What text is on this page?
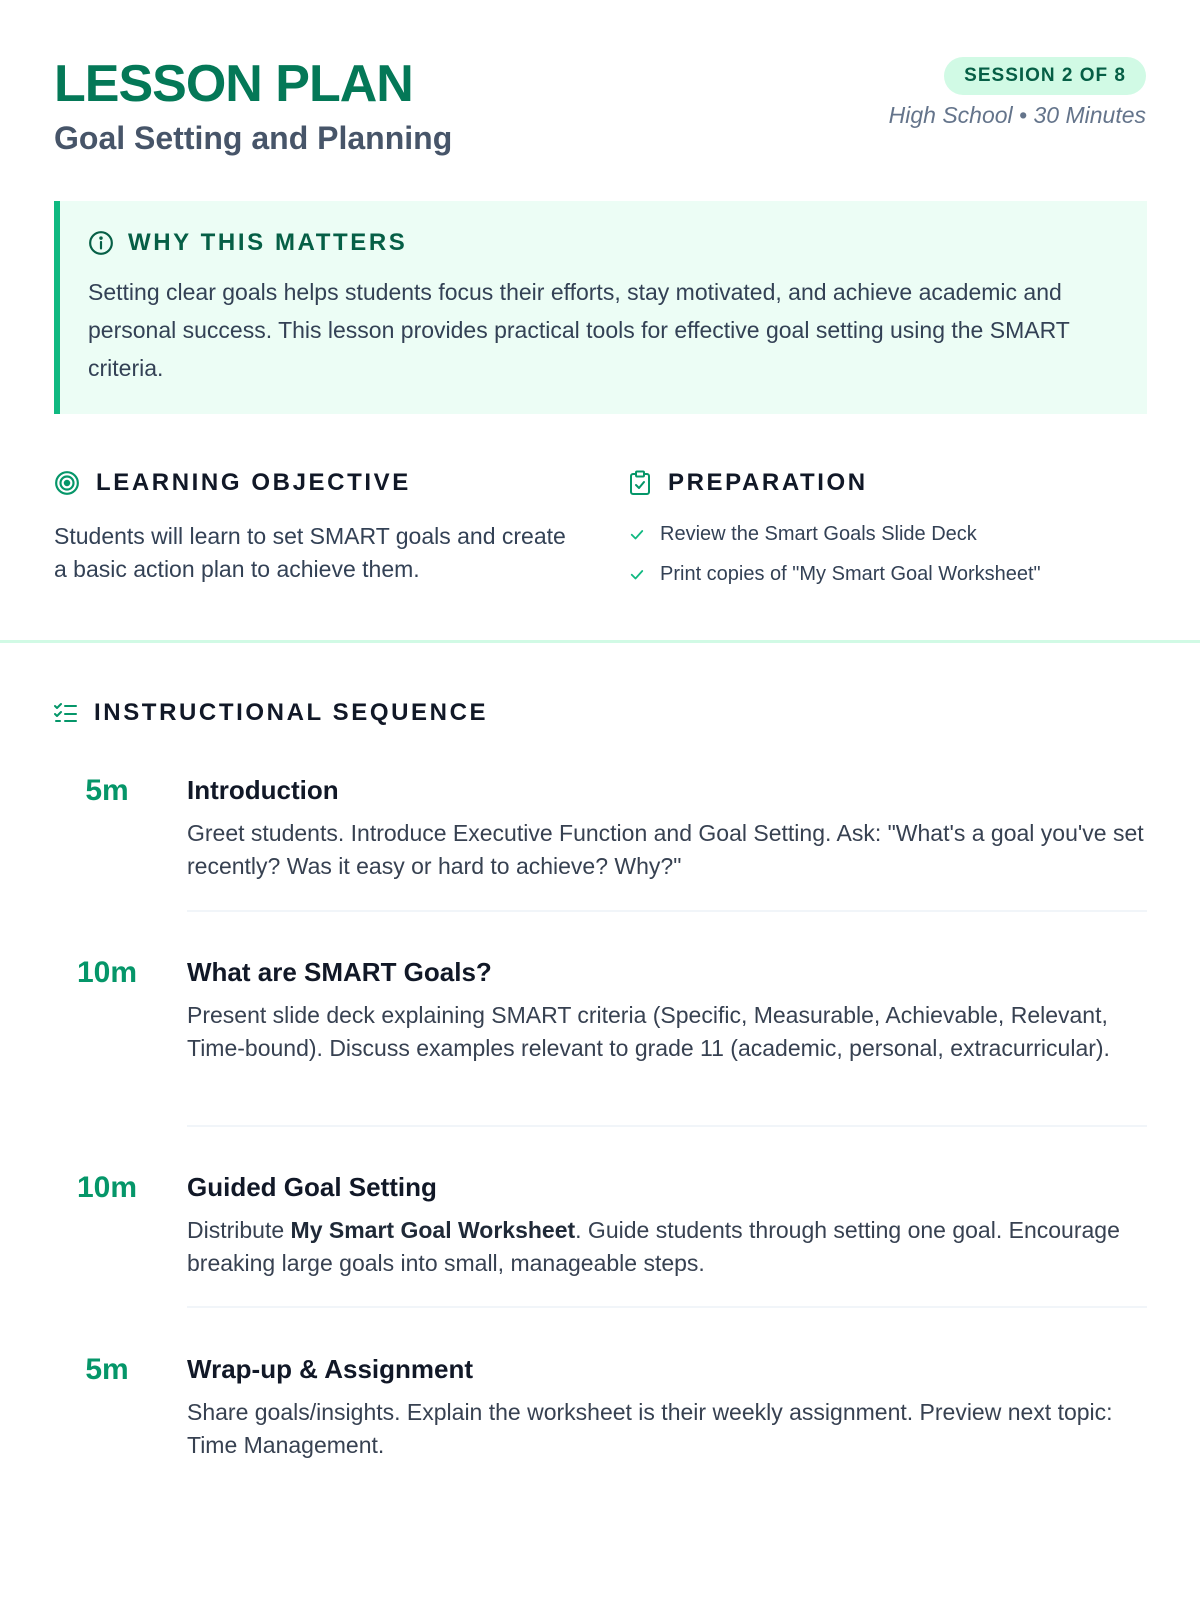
LESSON PLAN
Goal Setting and Planning
SESSION 2 OF 8
High School • 30 Minutes
WHY THIS MATTERS

Setting clear goals helps students focus their efforts, stay motivated, and achieve academic and personal success. This lesson provides practical tools for effective goal setting using the SMART criteria.

LEARNING OBJECTIVE

Students will learn to set SMART goals and create a basic action plan to achieve them.

PREPARATION
Review the Smart Goals Slide Deck
Print copies of "My Smart Goal Worksheet"
INSTRUCTIONAL SEQUENCE
5m	Introduction

Greet students. Introduce Executive Function and Goal Setting. Ask: "What's a goal you've set recently? Was it easy or hard to achieve? Why?"

10m	What are SMART Goals?

Present slide deck explaining SMART criteria (Specific, Measurable, Achievable, Relevant, Time-bound). Discuss examples relevant to grade 11 (academic, personal, extracurricular).

10m	Guided Goal Setting

Distribute My Smart Goal Worksheet. Guide students through setting one goal. Encourage breaking large goals into small, manageable steps.

5m	Wrap-up & Assignment

Share goals/insights. Explain the worksheet is their weekly assignment. Preview next topic: Time Management.
